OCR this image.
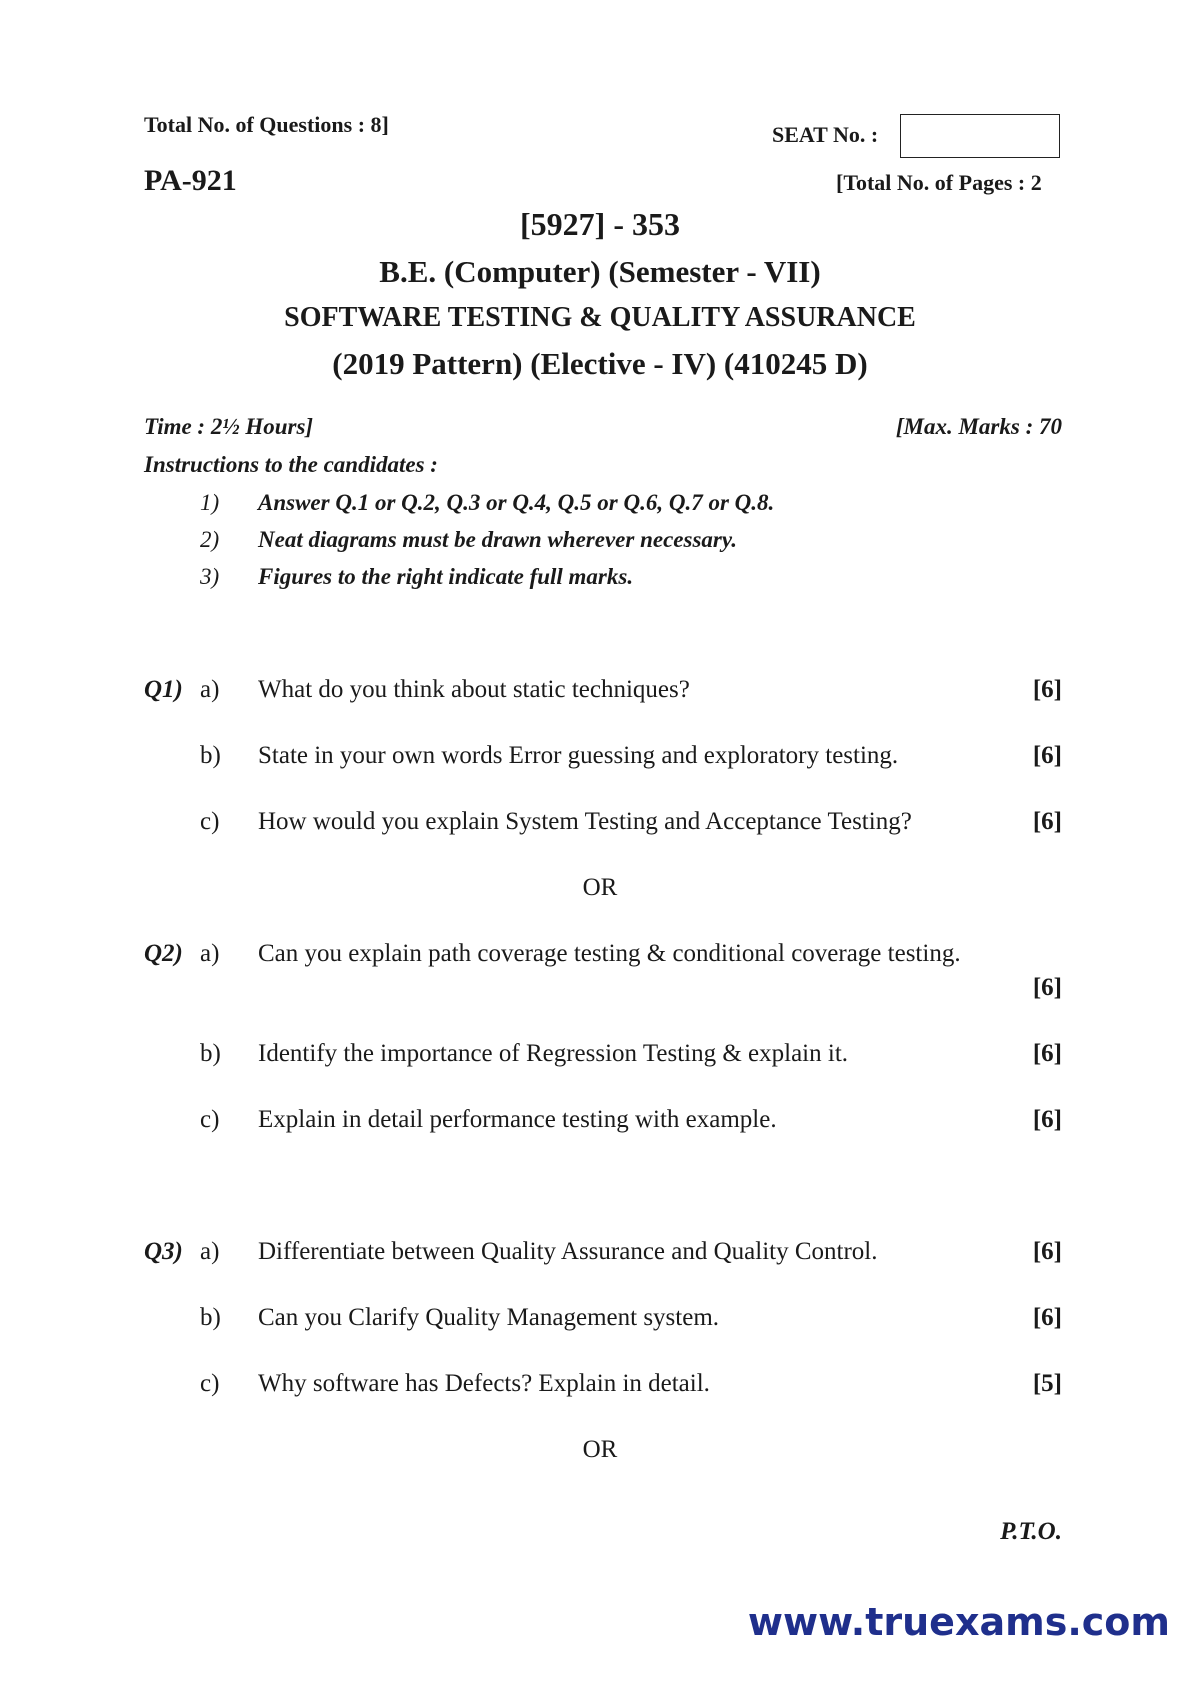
Total No. of Questions : 8]	SEAT No. :
PA-921	[Total No. of Pages : 2
[5927] - 353
B.E. (Computer) (Semester - VII)
SOFTWARE TESTING & QUALITY ASSURANCE
(2019 Pattern) (Elective - IV) (410245 D)
Time : 2½ Hours]	[Max. Marks : 70
Instructions to the candidates :
1) Answer Q.1 or Q.2, Q.3 or Q.4, Q.5 or Q.6, Q.7 or Q.8.
2) Neat diagrams must be drawn wherever necessary.
3) Figures to the right indicate full marks.
Q1) a) What do you think about static techniques?	[6]
b) State in your own words Error guessing and exploratory testing.	[6]
c) How would you explain System Testing and Acceptance Testing?	[6]
OR
Q2) a) Can you explain path coverage testing & conditional coverage testing.
[6]
b) Identify the importance of Regression Testing & explain it.	[6]
c) Explain in detail performance testing with example.	[6]
Q3) a) Differentiate between Quality Assurance and Quality Control.	[6]
b) Can you Clarify Quality Management system.	[6]
c) Why software has Defects? Explain in detail.	[5]
OR
P.T.O.
www.truexams.com
